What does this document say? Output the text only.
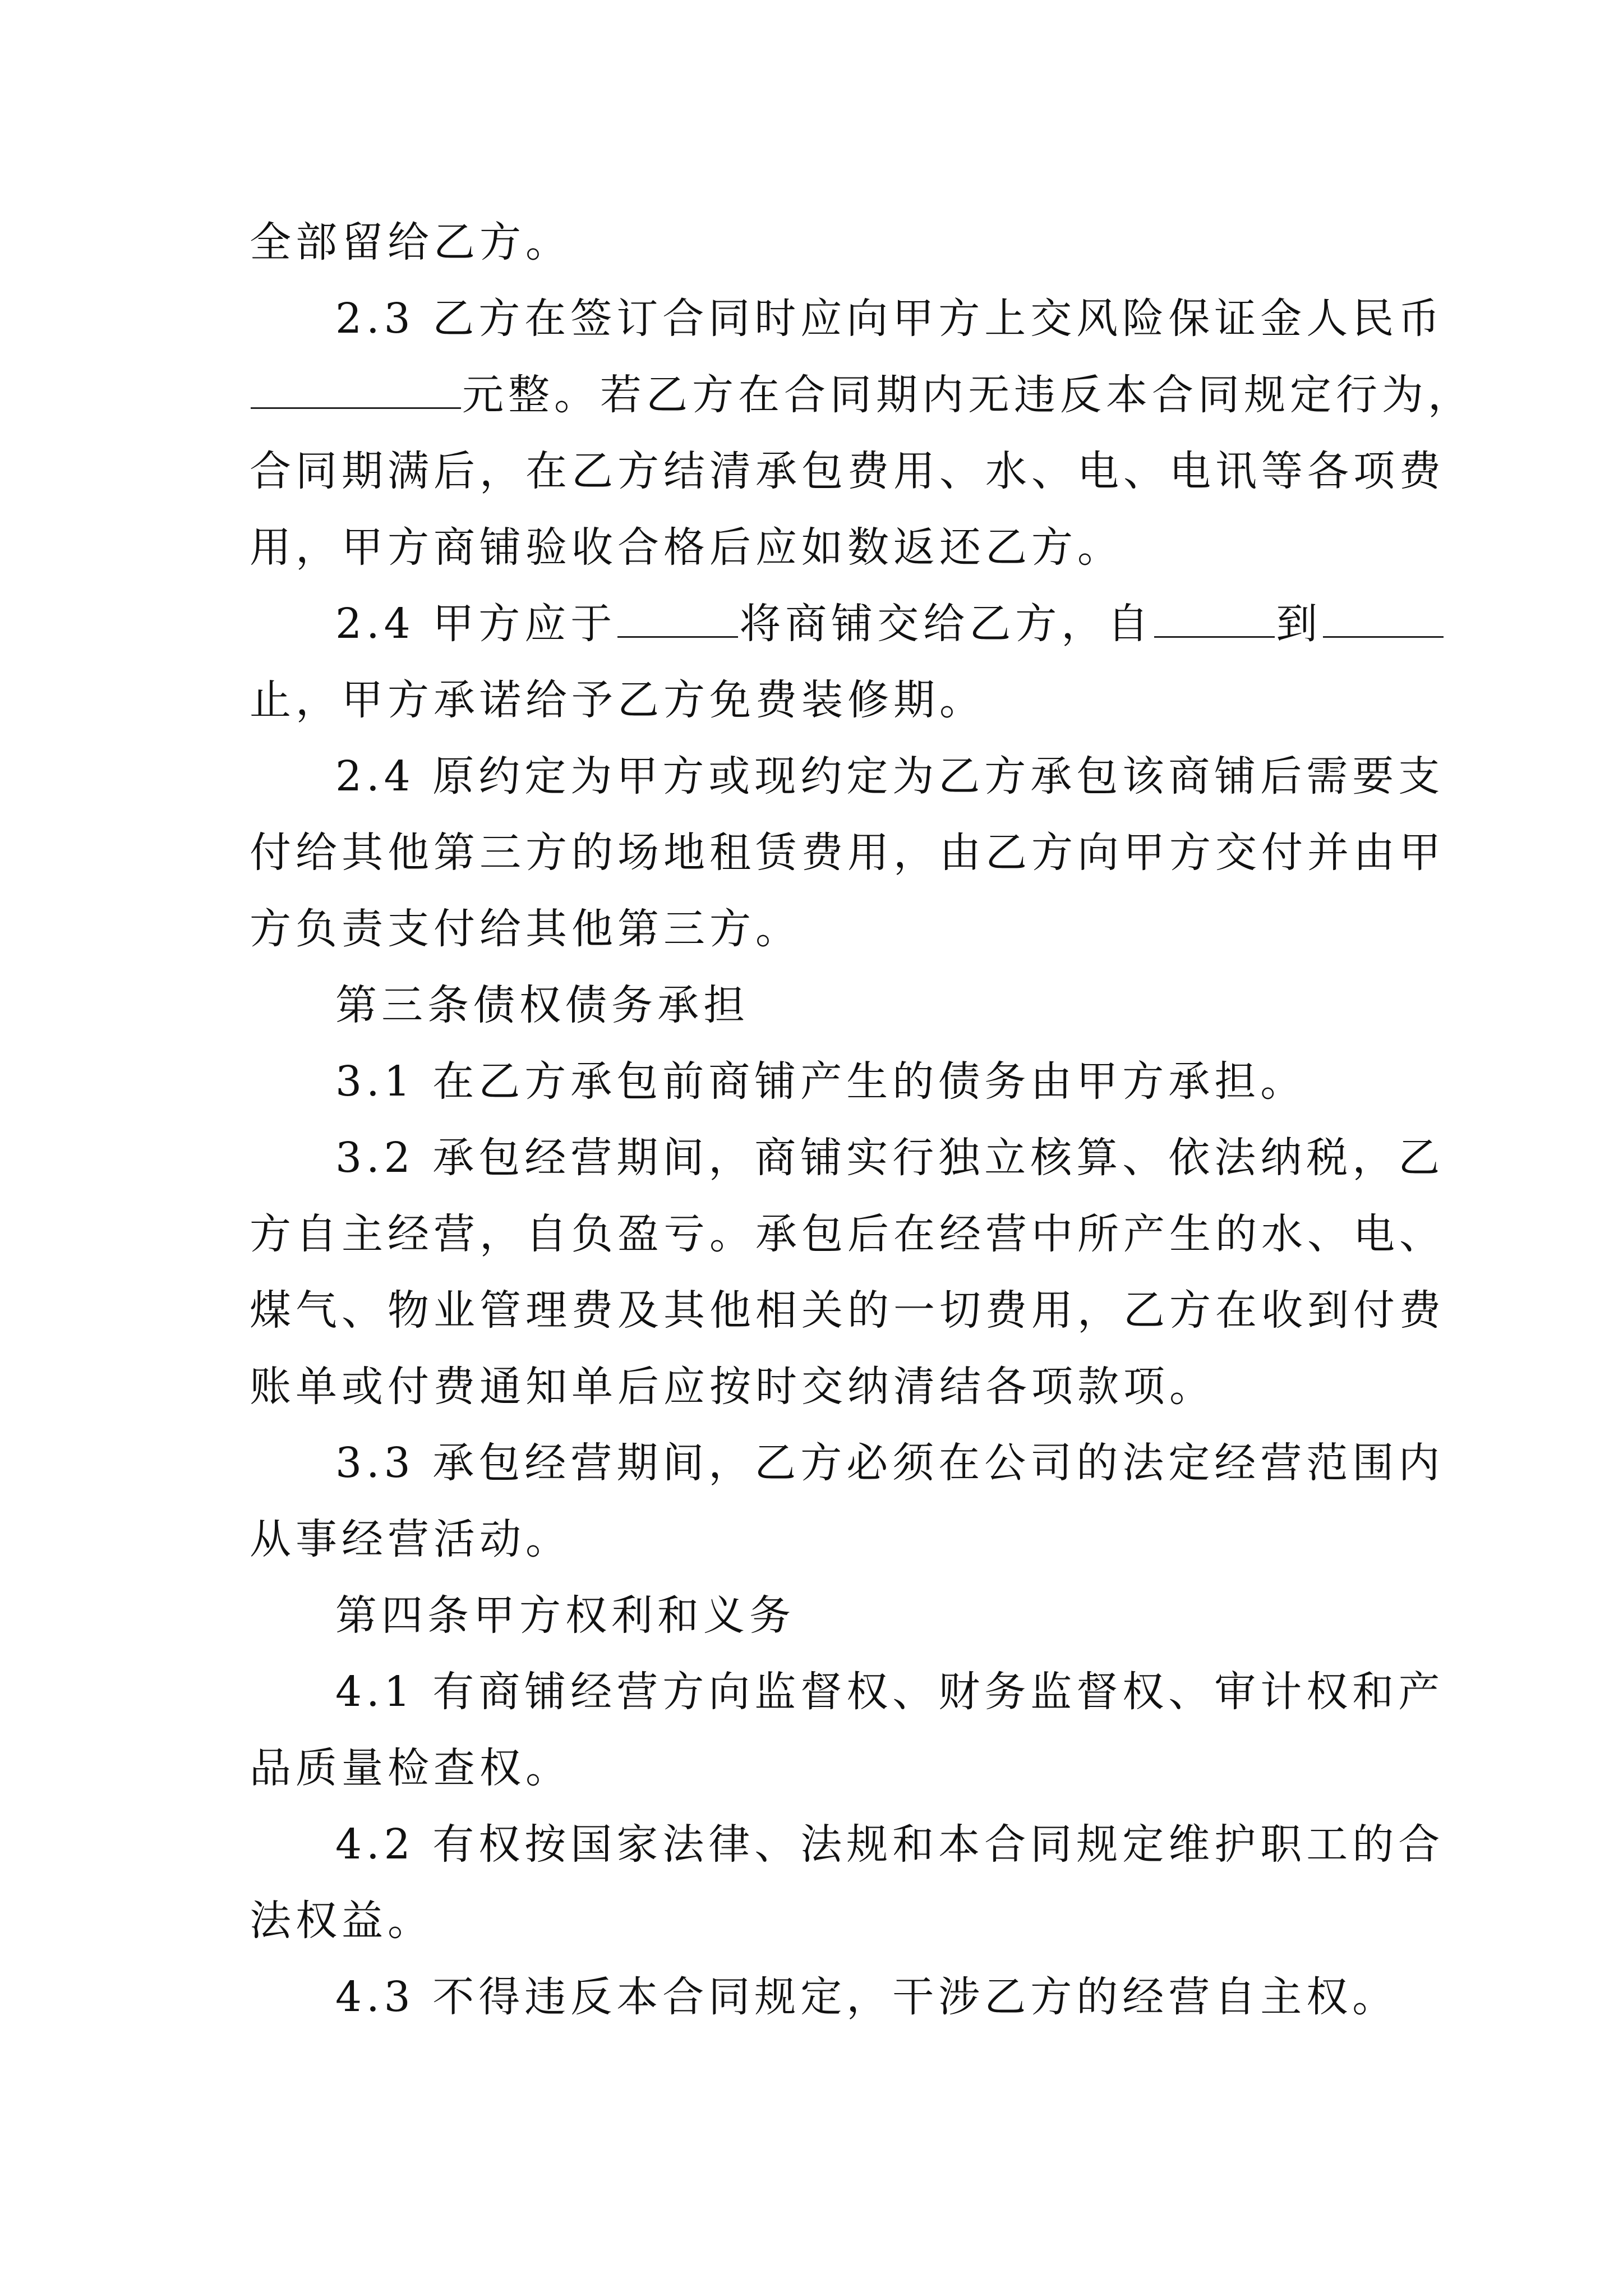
全部留给乙方。
2.3 乙方在签订合同时应向甲方上交风险保证金人民币
元整。若乙方在合同期内无违反本合同规定行为，
合同期满后，在乙方结清承包费用、水、电、电讯等各项费
用，甲方商铺验收合格后应如数返还乙方。
2.4 甲方应于	将商铺交给乙方，自	到
止，甲方承诺给予乙方免费装修期。
2.4 原约定为甲方或现约定为乙方承包该商铺后需要支
付给其他第三方的场地租赁费用，由乙方向甲方交付并由甲
方负责支付给其他第三方。
第三条债权债务承担
3.1 在乙方承包前商铺产生的债务由甲方承担。
3.2 承包经营期间，商铺实行独立核算、依法纳税，乙
方自主经营，自负盈亏。承包后在经营中所产生的水、电、
煤气、物业管理费及其他相关的一切费用，乙方在收到付费
账单或付费通知单后应按时交纳清结各项款项。
3.3 承包经营期间，乙方必须在公司的法定经营范围内
从事经营活动。
第四条甲方权利和义务
4.1 有商铺经营方向监督权、财务监督权、审计权和产
品质量检查权。
4.2 有权按国家法律、法规和本合同规定维护职工的合
法权益。
4.3 不得违反本合同规定，干涉乙方的经营自主权。
